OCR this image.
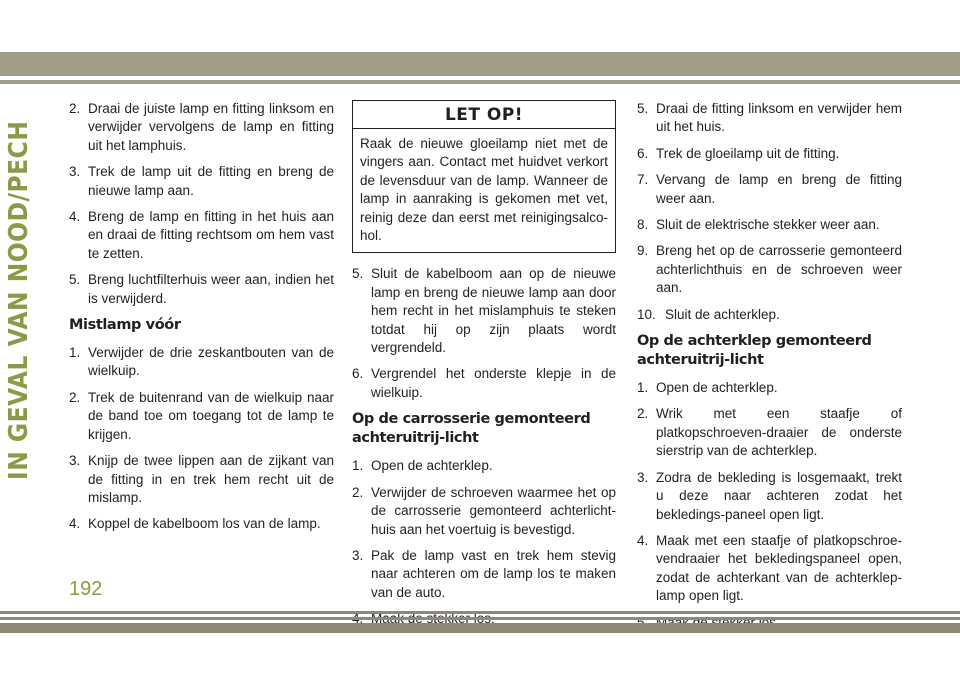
IN GEVAL VAN NOOD/PECH
2. Draai de juiste lamp en fitting linksom en verwijder vervolgens de lamp en fitting uit het lamphuis.
3. Trek de lamp uit de fitting en breng de nieuwe lamp aan.
4. Breng de lamp en fitting in het huis aan en draai de fitting rechtsom om hem vast te zetten.
5. Breng luchtfilterhuis weer aan, indien het is verwijderd.
Mistlamp vóór
1. Verwijder de drie zeskantbouten van de wielkuip.
2. Trek de buitenrand van de wielkuip naar de band toe om toegang tot de lamp te krijgen.
3. Knijp de twee lippen aan de zijkant van de fitting in en trek hem recht uit de mislamp.
4. Koppel de kabelboom los van de lamp.
LET OP!
Raak de nieuwe gloeilamp niet met de vingers aan. Contact met huidvet verkort de levensduur van de lamp. Wanneer de lamp in aanraking is gekomen met vet, reinig deze dan eerst met reinigingsalco-hol.
5. Sluit de kabelboom aan op de nieuwe lamp en breng de nieuwe lamp aan door hem recht in het mislamphuis te steken totdat hij op zijn plaats wordt vergrendeld.
6. Vergrendel het onderste klepje in de wielkuip.
Op de carrosserie gemonteerd achteruitrij-licht
1. Open de achterklep.
2. Verwijder de schroeven waarmee het op de carrosserie gemonteerd achterlicht-huis aan het voertuig is bevestigd.
3. Pak de lamp vast en trek hem stevig naar achteren om de lamp los te maken van de auto.
5. Draai de fitting linksom en verwijder hem uit het huis.
6. Trek de gloeilamp uit de fitting.
7. Vervang de lamp en breng de fitting weer aan.
8. Sluit de elektrische stekker weer aan.
9. Breng het op de carrosserie gemonteerd achterlichthuis en de schroeven weer aan.
10. Sluit de achterklep.
Op de achterklep gemonteerd achteruitrij-licht
1. Open de achterklep.
2. Wrik met een staafje of platkopschroeven-draaier de onderste sierstrip van de achterklep.
3. Zodra de bekleding is losgemaakt, trekt u deze naar achteren zodat het bekledings-paneel open ligt.
4. Maak met een staafje of platkopschroe-vendraaier het bekledingspaneel open, zodat de achterkant van de achterklep-lamp open ligt.
192
